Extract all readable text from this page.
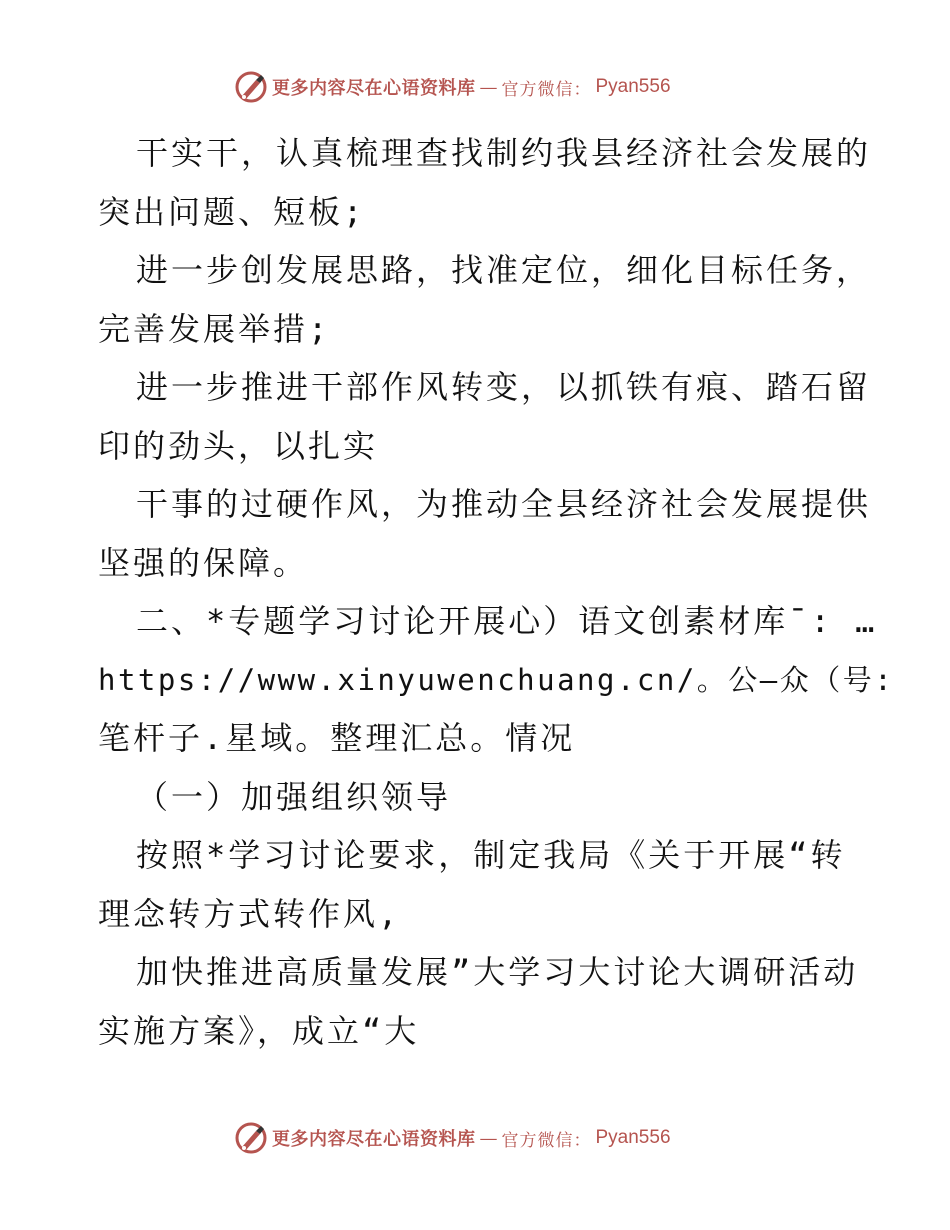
更多内容尽在心语资料库 — 官方微信： Pyan556
干实干，认真梳理查找制约我县经济社会发展的
突出问题、短板;
进一步创发展思路，找准定位，细化目标任务，
完善发展举措;
进一步推进干部作风转变，以抓铁有痕、踏石留
印的劲头，以扎实
干事的过硬作风，为推动全县经济社会发展提供
坚强的保障。
二、*专题学习讨论开展心）语文创素材库¯: …
https://www.xinyuwenchuang.cn/。公—众（号:
笔杆子.星域。整理汇总。情况
（一）加强组织领导
按照*学习讨论要求，制定我局《关于开展“转
理念转方式转作风,
加快推进高质量发展”大学习大讨论大调研活动
实施方案》，成立“大
更多内容尽在心语资料库 — 官方微信： Pyan556
